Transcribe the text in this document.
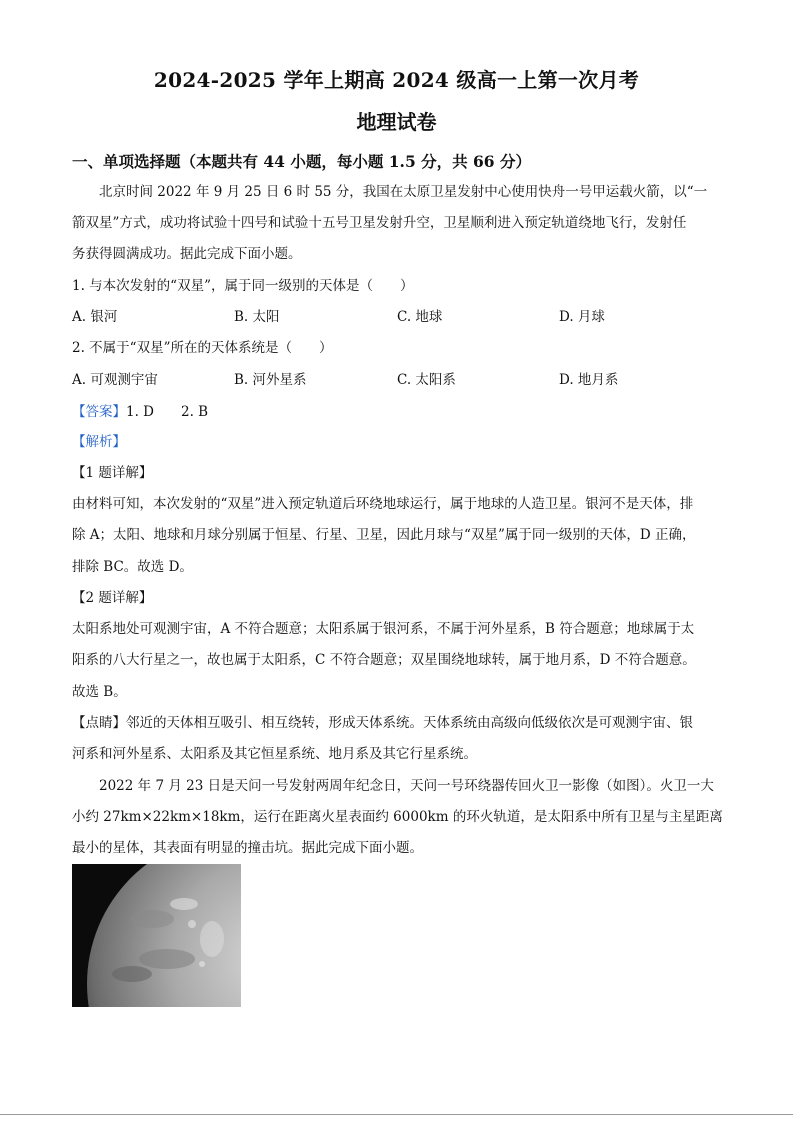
2024-2025 学年上期高 2024 级高一上第一次月考
地理试卷
一、单项选择题（本题共有 44 小题，每小题 1.5 分，共 66 分）
北京时间 2022 年 9 月 25 日 6 时 55 分，我国在太原卫星发射中心使用快舟一号甲运载火箭，以“一
箭双星”方式，成功将试验十四号和试验十五号卫星发射升空，卫星顺利进入预定轨道绕地飞行，发射任
务获得圆满成功。据此完成下面小题。
1. 与本次发射的“双星”，属于同一级别的天体是（　　）
A. 银河	B. 太阳	C. 地球	D. 月球
2. 不属于“双星”所在的天体系统是（　　）
A. 可观测宇宙	B. 河外星系	C. 太阳系	D. 地月系
【答案】1. D　　2. B
【解析】
【1 题详解】
由材料可知，本次发射的“双星”进入预定轨道后环绕地球运行，属于地球的人造卫星。银河不是天体，排
除 A；太阳、地球和月球分别属于恒星、行星、卫星，因此月球与“双星”属于同一级别的天体，D 正确，
排除 BC。故选 D。
【2 题详解】
太阳系地处可观测宇宙，A 不符合题意；太阳系属于银河系，不属于河外星系，B 符合题意；地球属于太
阳系的八大行星之一，故也属于太阳系，C 不符合题意；双星围绕地球转，属于地月系，D 不符合题意。
故选 B。
【点睛】邻近的天体相互吸引、相互绕转，形成天体系统。天体系统由高级向低级依次是可观测宇宙、银
河系和河外星系、太阳系及其它恒星系统、地月系及其它行星系统。
2022 年 7 月 23 日是天问一号发射两周年纪念日，天问一号环绕器传回火卫一影像（如图）。火卫一大
小约 27km×22km×18km，运行在距离火星表面约 6000km 的环火轨道，是太阳系中所有卫星与主星距离
最小的星体，其表面有明显的撞击坑。据此完成下面小题。
